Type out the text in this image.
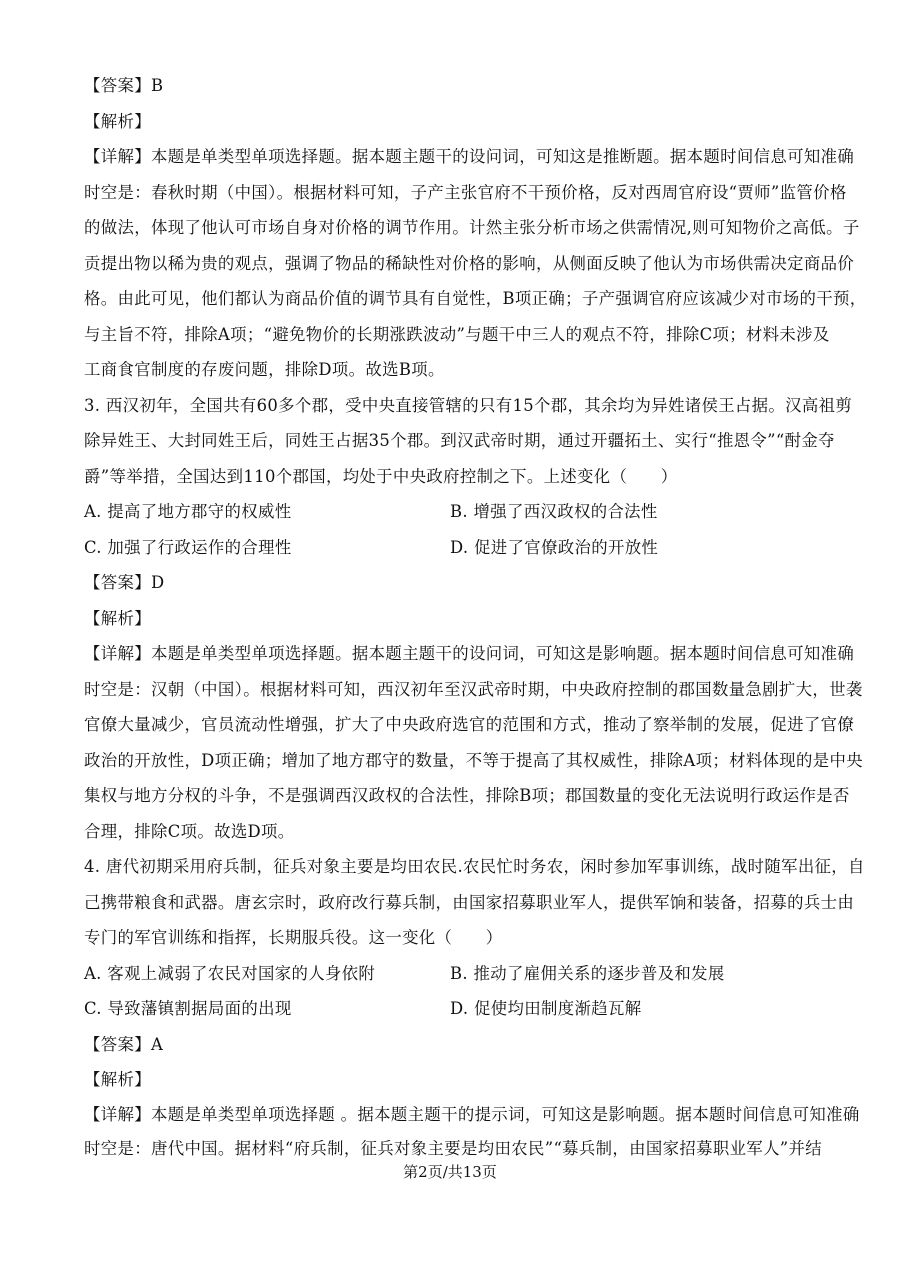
【答案】B
【解析】
【详解】本题是单类型单项选择题。据本题主题干的设问词，可知这是推断题。据本题时间信息可知准确
时空是：春秋时期（中国）。根据材料可知，子产主张官府不干预价格，反对西周官府设“贾师”监管价格
的做法，体现了他认可市场自身对价格的调节作用。计然主张分析市场之供需情况,则可知物价之高低。子
贡提出物以稀为贵的观点，强调了物品的稀缺性对价格的影响，从侧面反映了他认为市场供需决定商品价
格。由此可见，他们都认为商品价值的调节具有自觉性，B项正确；子产强调官府应该减少对市场的干预，
与主旨不符，排除A项；“避免物价的长期涨跌波动”与题干中三人的观点不符，排除C项；材料未涉及
工商食官制度的存废问题，排除D项。故选B项。
3. 西汉初年，全国共有60多个郡，受中央直接管辖的只有15个郡，其余均为异姓诸侯王占据。汉高祖剪
除异姓王、大封同姓王后，同姓王占据35个郡。到汉武帝时期，通过开疆拓土、实行“推恩令”“酎金夺
爵”等举措，全国达到110个郡国，均处于中央政府控制之下。上述变化（　　）
A. 提高了地方郡守的权威性	B. 增强了西汉政权的合法性
C. 加强了行政运作的合理性	D. 促进了官僚政治的开放性
【答案】D
【解析】
【详解】本题是单类型单项选择题。据本题主题干的设问词，可知这是影响题。据本题时间信息可知准确
时空是：汉朝（中国）。根据材料可知，西汉初年至汉武帝时期，中央政府控制的郡国数量急剧扩大，世袭
官僚大量减少，官员流动性增强，扩大了中央政府选官的范围和方式，推动了察举制的发展，促进了官僚
政治的开放性，D项正确；增加了地方郡守的数量，不等于提高了其权威性，排除A项；材料体现的是中央
集权与地方分权的斗争，不是强调西汉政权的合法性，排除B项；郡国数量的变化无法说明行政运作是否
合理，排除C项。故选D项。
4. 唐代初期采用府兵制，征兵对象主要是均田农民.农民忙时务农，闲时参加军事训练，战时随军出征，自
己携带粮食和武器。唐玄宗时，政府改行募兵制，由国家招募职业军人，提供军饷和装备，招募的兵士由
专门的军官训练和指挥，长期服兵役。这一变化（　　）
A. 客观上减弱了农民对国家的人身依附	B. 推动了雇佣关系的逐步普及和发展
C. 导致藩镇割据局面的出现	D. 促使均田制度渐趋瓦解
【答案】A
【解析】
【详解】本题是单类型单项选择题 。据本题主题干的提示词，可知这是影响题。据本题时间信息可知准确
时空是：唐代中国。据材料“府兵制，征兵对象主要是均田农民”“募兵制，由国家招募职业军人”并结
第2页/共13页
